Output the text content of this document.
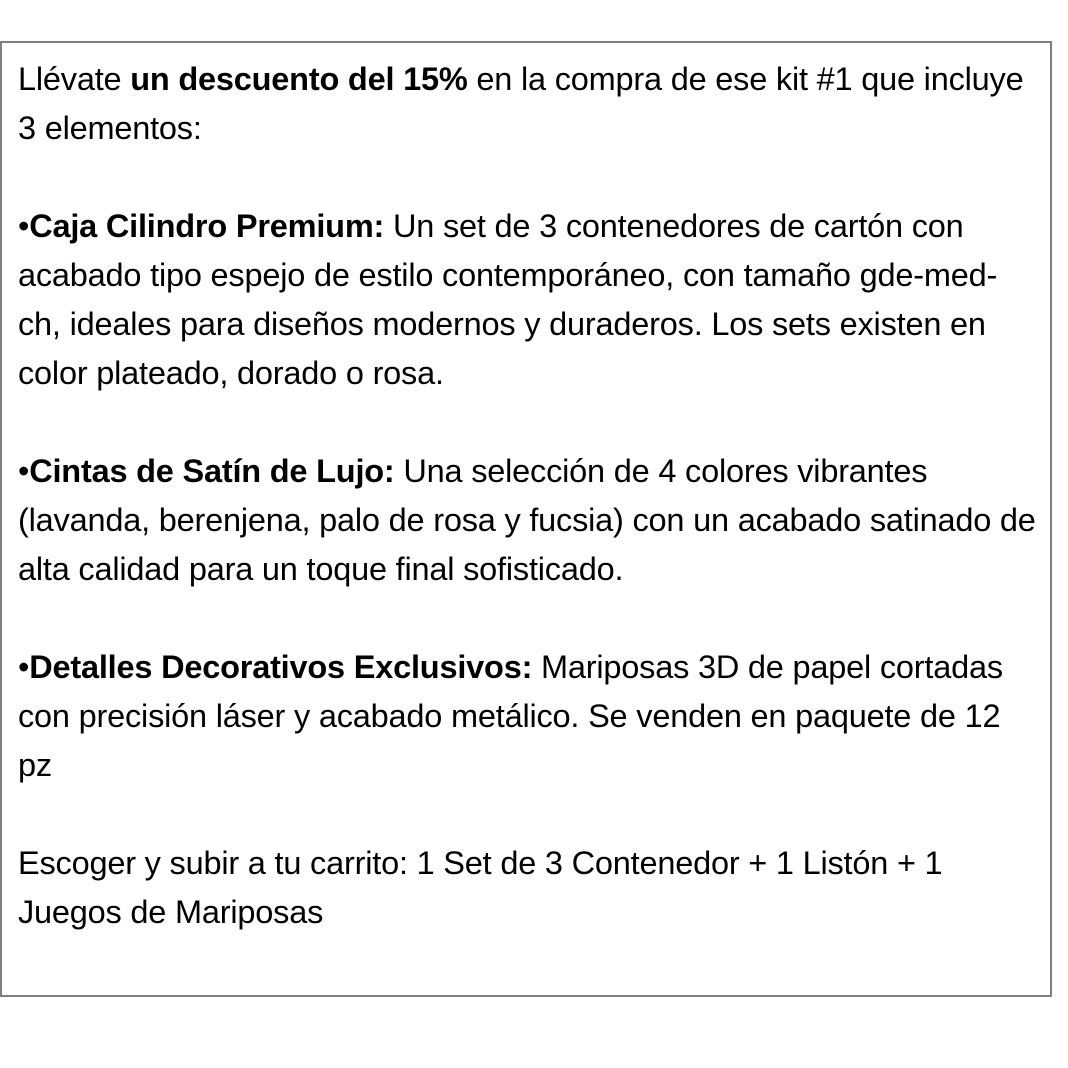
Llévate un descuento del 15% en la compra de ese kit #1 que incluye 3 elementos:

•Caja Cilindro Premium: Un set de 3 contenedores de cartón con acabado tipo espejo de estilo contemporáneo, con tamaño gde-med-ch, ideales para diseños modernos y duraderos. Los sets existen en color plateado, dorado o rosa.

•Cintas de Satín de Lujo: Una selección de 4 colores vibrantes (lavanda, berenjena, palo de rosa y fucsia) con un acabado satinado de alta calidad para un toque final sofisticado.

•Detalles Decorativos Exclusivos: Mariposas 3D de papel cortadas con precisión láser y acabado metálico. Se venden en paquete de 12 pz

Escoger y subir a tu carrito: 1 Set de 3 Contenedor + 1 Listón + 1 Juegos de Mariposas
